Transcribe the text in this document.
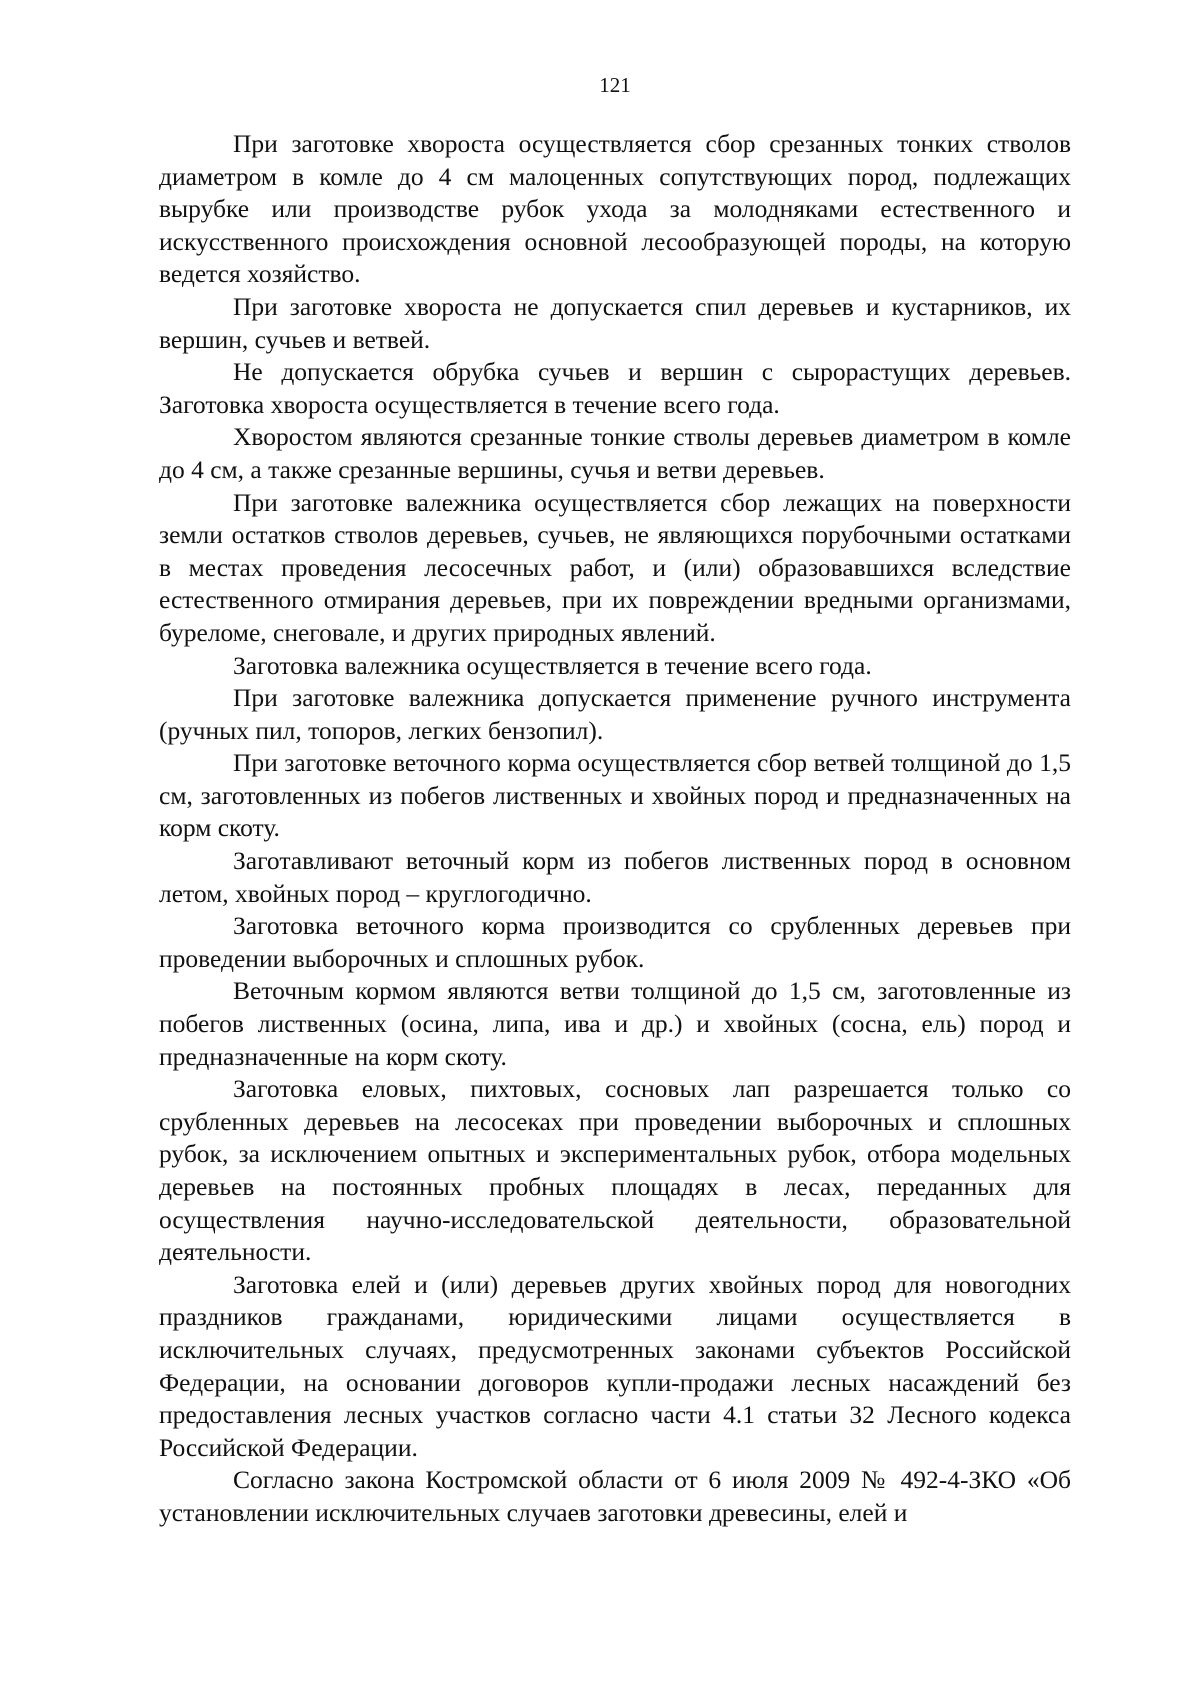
121

При заготовке хвороста осуществляется сбор срезанных тонких стволов диаметром в комле до 4 см малоценных сопутствующих пород, подлежащих вырубке или производстве рубок ухода за молодняками естественного и искусственного происхождения основной лесообразующей породы, на которую ведется хозяйство.

При заготовке хвороста не допускается спил деревьев и кустарников, их вершин, сучьев и ветвей.

Не допускается обрубка сучьев и вершин с сырорастущих деревьев. Заготовка хвороста осуществляется в течение всего года.

Хворостом являются срезанные тонкие стволы деревьев диаметром в комле до 4 см, а также срезанные вершины, сучья и ветви деревьев.

При заготовке валежника осуществляется сбор лежащих на поверхности земли остатков стволов деревьев, сучьев, не являющихся порубочными остатками в местах проведения лесосечных работ, и (или) образовавшихся вследствие естественного отмирания деревьев, при их повреждении вредными организмами, буреломе, снеговале, и других природных явлений.

Заготовка валежника осуществляется в течение всего года.

При заготовке валежника допускается применение ручного инструмента (ручных пил, топоров, легких бензопил).

При заготовке веточного корма осуществляется сбор ветвей толщиной до 1,5 см, заготовленных из побегов лиственных и хвойных пород и предназначенных на корм скоту.

Заготавливают веточный корм из побегов лиственных пород в основном летом, хвойных пород – круглогодично.

Заготовка веточного корма производится со срубленных деревьев при проведении выборочных и сплошных рубок.

Веточным кормом являются ветви толщиной до 1,5 см, заготовленные из побегов лиственных (осина, липа, ива и др.) и хвойных (сосна, ель) пород и предназначенные на корм скоту.

Заготовка еловых, пихтовых, сосновых лап разрешается только со срубленных деревьев на лесосеках при проведении выборочных и сплошных рубок, за исключением опытных и экспериментальных рубок, отбора модельных деревьев на постоянных пробных площадях в лесах, переданных для осуществления научно-исследовательской деятельности, образовательной деятельности.

Заготовка елей и (или) деревьев других хвойных пород для новогодних праздников гражданами, юридическими лицами осуществляется в исключительных случаях, предусмотренных законами субъектов Российской Федерации, на основании договоров купли-продажи лесных насаждений без предоставления лесных участков согласно части 4.1 статьи 32 Лесного кодекса Российской Федерации.

Согласно закона Костромской области от 6 июля 2009 № 492-4-ЗКО «Об установлении исключительных случаев заготовки древесины, елей и
